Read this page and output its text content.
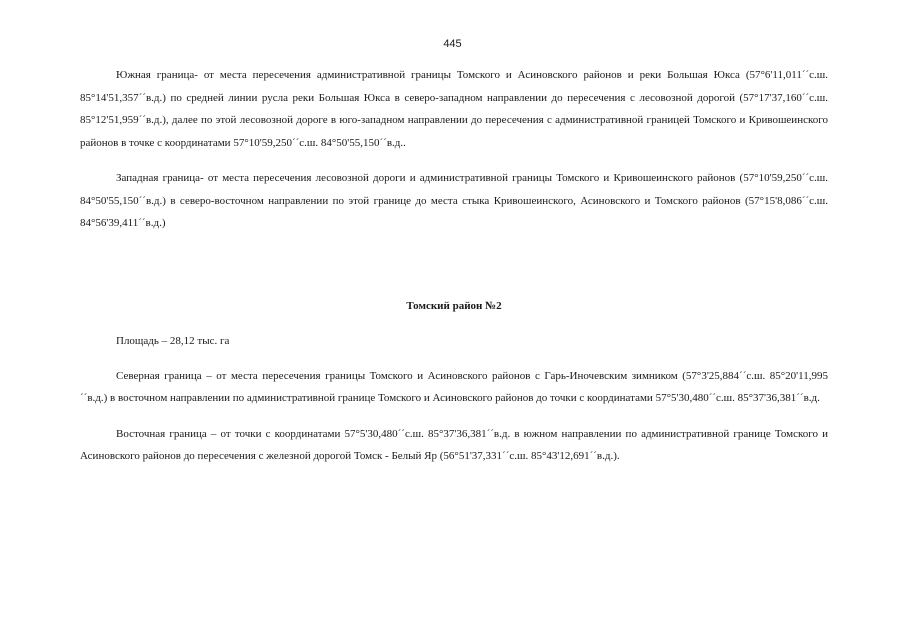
445

Южная граница- от места пересечения административной границы Томского и Асиновского районов и реки Большая Юкса (57°6'11,011´´с.ш. 85°14'51,357´´в.д.) по средней линии русла реки Большая Юкса в северо-западном направлении до пересечения с лесовозной дорогой (57°17'37,160´´с.ш. 85°12'51,959´´в.д.), далее по этой лесовозной дороге в юго-западном направлении до пересечения с административной границей Томского и Кривошеинского районов в точке с координатами 57°10'59,250´´с.ш. 84°50'55,150´´в.д..

Западная граница- от места пересечения лесовозной дороги и административной границы Томского и Кривошеинского районов (57°10'59,250´´с.ш. 84°50'55,150´´в.д.) в северо-восточном направлении по этой границе до места стыка Кривошеинского, Асиновского и Томского районов (57°15'8,086´´с.ш. 84°56'39,411´´в.д.)

Томский район №2

Площадь – 28,12 тыс. га

Северная граница – от места пересечения границы Томского и Асиновского районов с Гарь-Иночевским зимником (57°3'25,884´´с.ш. 85°20'11,995´´в.д.) в восточном направлении по административной границе Томского и Асиновского районов до точки с координатами 57°5'30,480´´с.ш. 85°37'36,381´´в.д.

Восточная граница – от точки с координатами 57°5'30,480´´с.ш. 85°37'36,381´´в.д. в южном направлении по административной границе Томского и Асиновского районов до пересечения с железной дорогой Томск - Белый Яр (56°51'37,331´´с.ш. 85°43'12,691´´в.д.).
